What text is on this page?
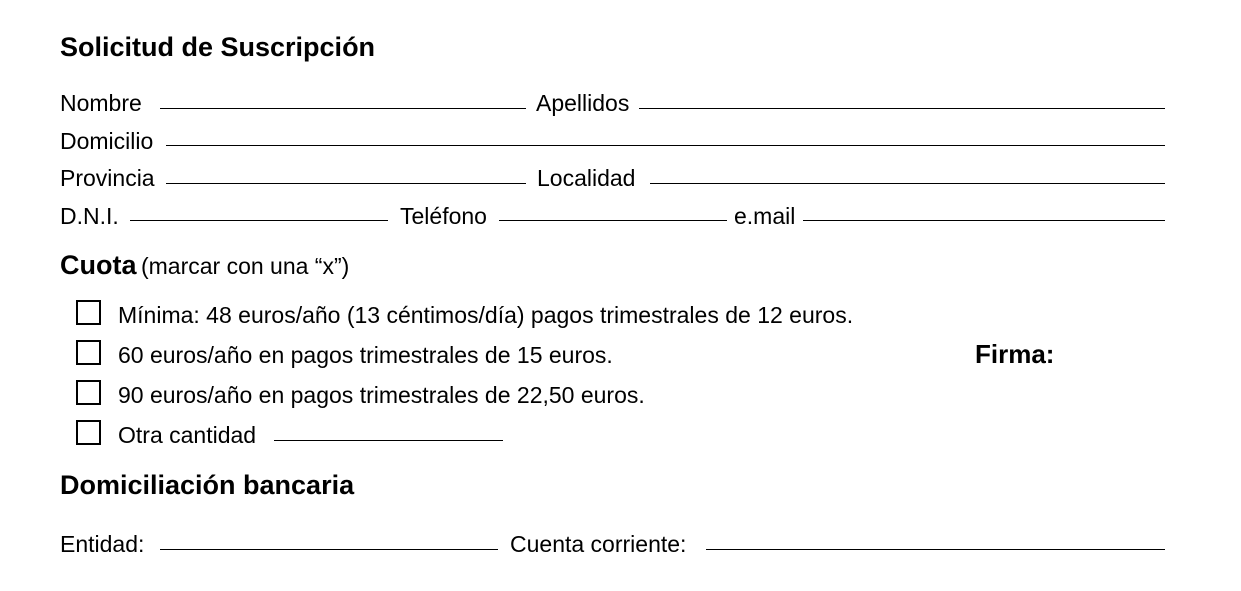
Solicitud de Suscripción
Nombre	Apellidos
Domicilio
Provincia	Localidad
D.N.I.	Teléfono	e.mail
Cuota (marcar con una “x”)
Mínima: 48 euros/año (13 céntimos/día) pagos trimestrales de 12 euros.
60 euros/año en pagos trimestrales de 15 euros.
90 euros/año en pagos trimestrales de 22,50 euros.
Otra cantidad
Firma:
Domiciliación bancaria
Entidad:	Cuenta corriente:
